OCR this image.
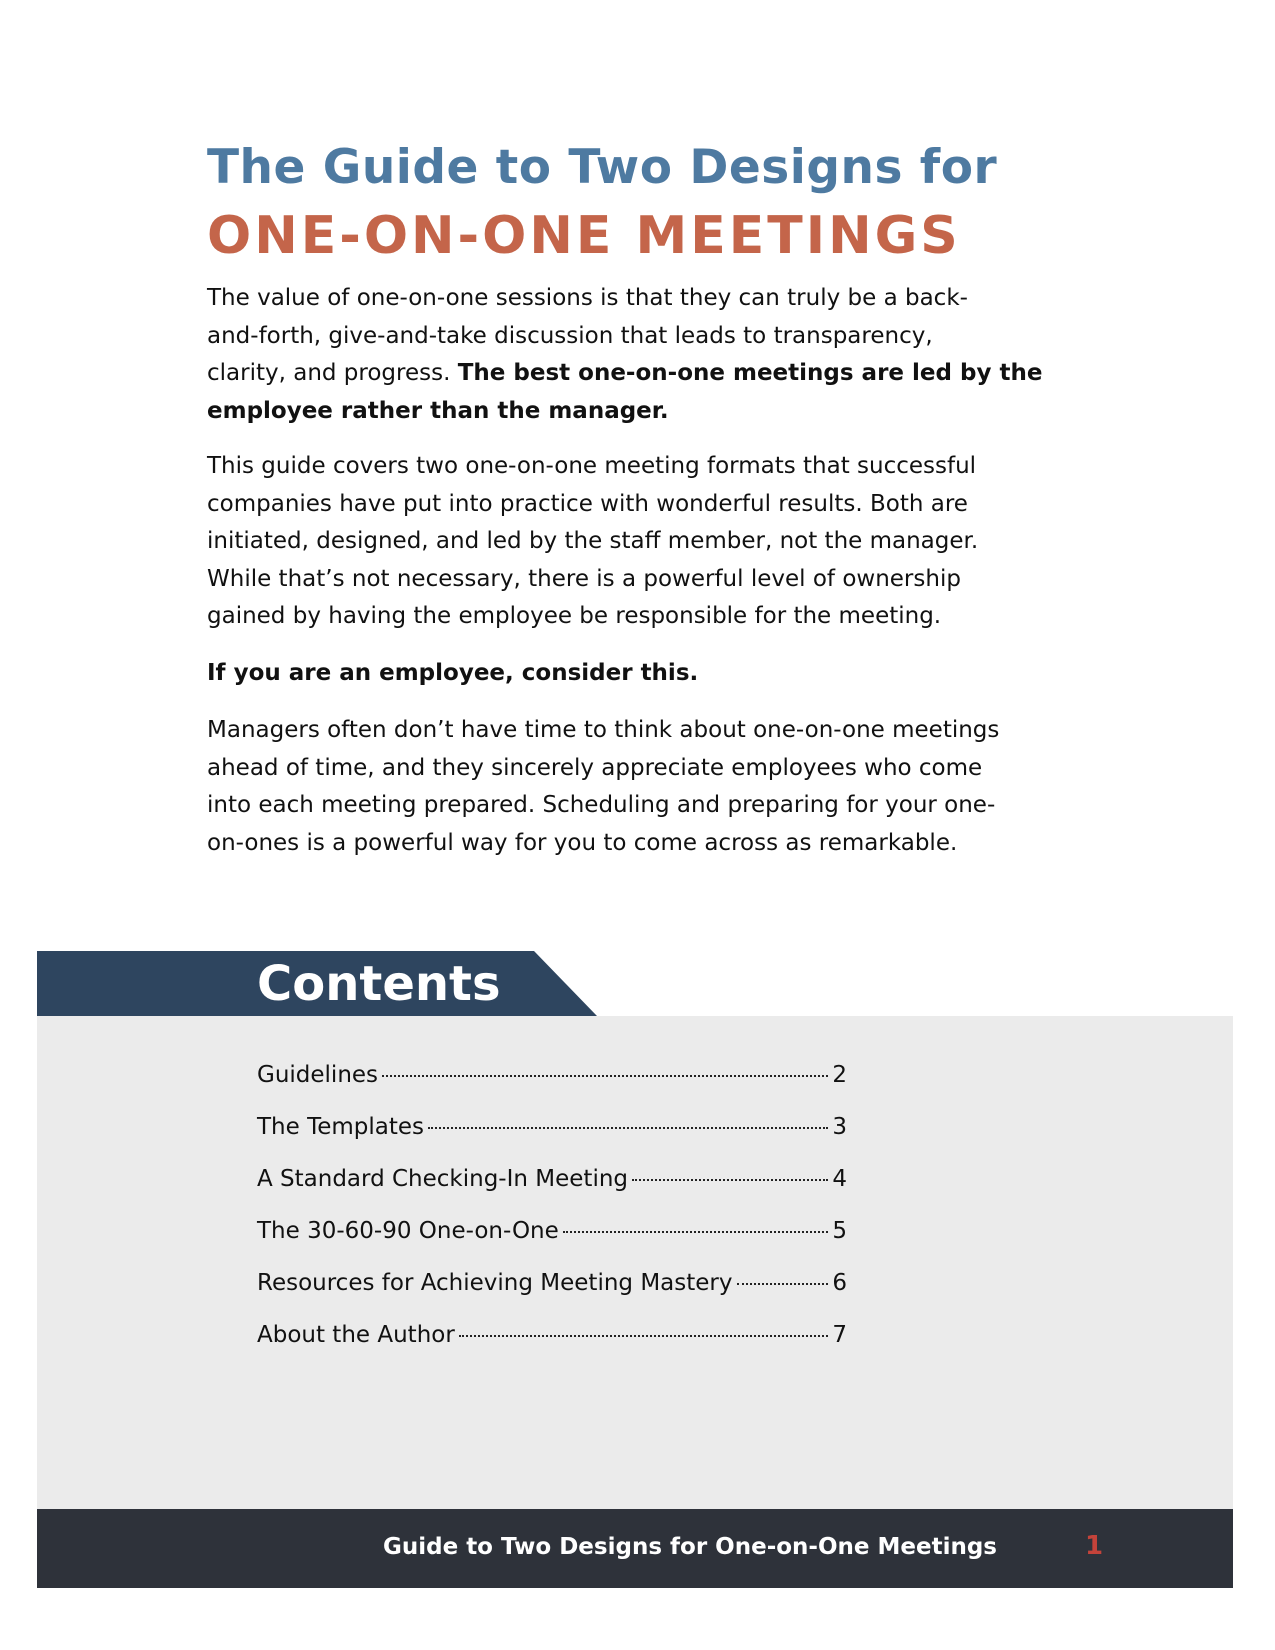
The Guide to Two Designs for
ONE-ON-ONE MEETINGS

The value of one-on-one sessions is that they can truly be a back-
and-forth, give-and-take discussion that leads to transparency,
clarity, and progress. The best one-on-one meetings are led by the
employee rather than the manager.

This guide covers two one-on-one meeting formats that successful
companies have put into practice with wonderful results. Both are
initiated, designed, and led by the staff member, not the manager.
While that’s not necessary, there is a powerful level of ownership
gained by having the employee be responsible for the meeting.

If you are an employee, consider this.

Managers often don’t have time to think about one-on-one meetings
ahead of time, and they sincerely appreciate employees who come
into each meeting prepared. Scheduling and preparing for your one-
on-ones is a powerful way for you to come across as remarkable.

Contents
Guidelines	2
The Templates	3
A Standard Checking-In Meeting	4
The 30-60-90 One-on-One	5
Resources for Achieving Meeting Mastery	6
About the Author	7
Guide to Two Designs for One-on-One Meetings	1
